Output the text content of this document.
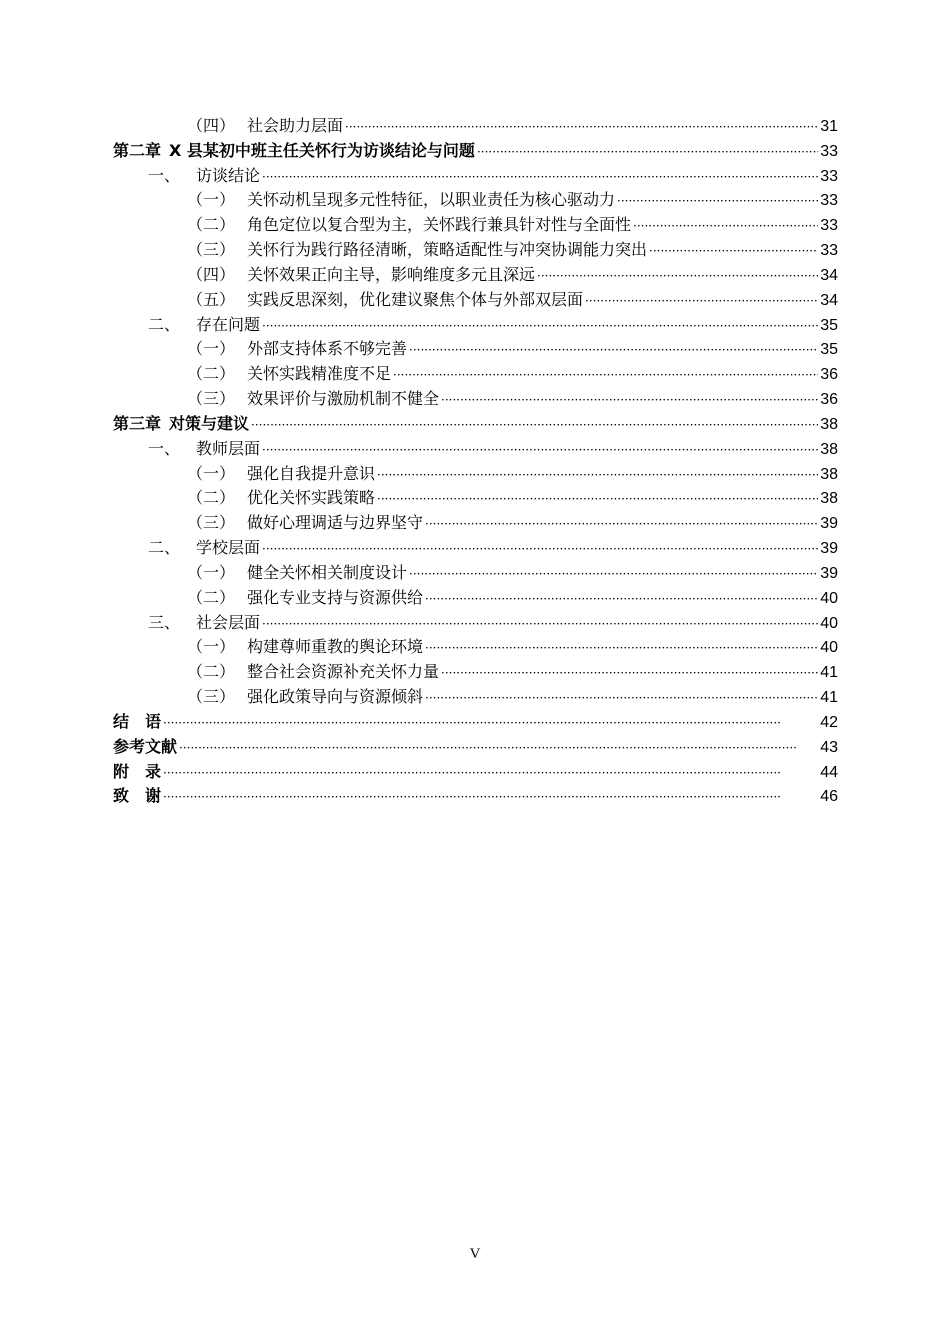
（四） 社会助力层面 ·····	31
第二章 X 县某初中班主任关怀行为访谈结论与问题 ·····	33
一、 访谈结论 ·····	33
（一） 关怀动机呈现多元性特征，以职业责任为核心驱动力 ·····	33
（二） 角色定位以复合型为主，关怀践行兼具针对性与全面性 ·····	33
（三） 关怀行为践行路径清晰，策略适配性与冲突协调能力突出 ·····	33
（四） 关怀效果正向主导，影响维度多元且深远 ·····	34
（五） 实践反思深刻，优化建议聚焦个体与外部双层面 ·····	34
二、 存在问题 ·····	35
（一） 外部支持体系不够完善 ·····	35
（二） 关怀实践精准度不足 ·····	36
（三） 效果评价与激励机制不健全 ·····	36
第三章 对策与建议 ·····	38
一、 教师层面 ·····	38
（一） 强化自我提升意识 ·····	38
（二） 优化关怀实践策略 ·····	38
（三） 做好心理调适与边界坚守 ·····	39
二、 学校层面 ·····	39
（一） 健全关怀相关制度设计 ·····	39
（二） 强化专业支持与资源供给 ·····	40
三、 社会层面 ·····	40
（一） 构建尊师重教的舆论环境 ·····	40
（二） 整合社会资源补充关怀力量 ·····	41
（三） 强化政策导向与资源倾斜 ·····	41
结　语 ·····	42
参考文献 ·····	43
附　录 ·····	44
致　谢 ·····	46
V
